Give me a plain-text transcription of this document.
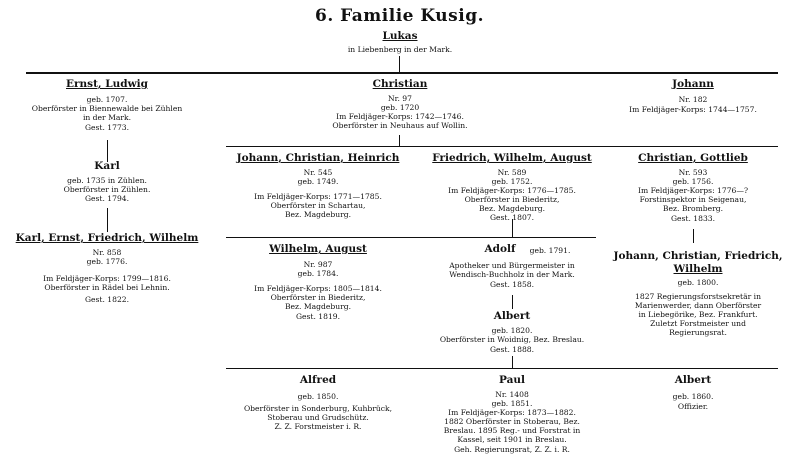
6. Familie Kusig.
Lukas
in Liebenberg in der Mark.
Ernst, Ludwig
geb. 1707.
Oberförster in Biennewalde bei Zühlen
in der Mark.
Gest. 1773.
Christian
Nr. 97
geb. 1720
Im Feldjäger-Korps: 1742—1746.
Oberförster in Neuhaus auf Wollin.
Johann
Nr. 182
Im Feldjäger-Korps: 1744—1757.
Karl
geb. 1735 in Zühlen.
Oberförster in Zühlen.
Gest. 1794.
Karl, Ernst, Friedrich, Wilhelm
Nr. 858
geb. 1776.
Im Feldjäger-Korps: 1799—1816.
Oberförster in Rädel bei Lehnin.
Gest. 1822.
Johann, Christian, Heinrich
Nr. 545
geb. 1749.
Im Feldjäger-Korps: 1771—1785.
Oberförster in Schartau,
Bez. Magdeburg.
Friedrich, Wilhelm, August
Nr. 589
geb. 1752.
Im Feldjäger-Korps: 1776—1785.
Oberförster in Biederitz,
Bez. Magdeburg.
Gest. 1807.
Christian, Gottlieb
Nr. 593
geb. 1756.
Im Feldjäger-Korps: 1776—?
Forstinspektor in Seigenau,
Bez. Bromberg.
Gest. 1833.
Wilhelm, August
Nr. 987
geb. 1784.
Im Feldjäger-Korps: 1805—1814.
Oberförster in Biederitz,
Bez. Magdeburg.
Gest. 1819.
Adolf	geb. 1791.
Apotheker und Bürgermeister in
Wendisch-Buchholz in der Mark.
Gest. 1858.
Albert
geb. 1820.
Oberförster in Woidnig, Bez. Breslau.
Gest. 1888.
Johann, Christian, Friedrich,
Wilhelm
geb. 1800.
1827 Regierungsforstsekretär in
Marienwerder, dann Oberförster
in Liebegörike, Bez. Frankfurt.
Zuletzt Forstmeister und
Regierungsrat.
Alfred
geb. 1850.
Oberförster in Sonderburg, Kuhbrück,
Stoberau und Grudschütz.
Z. Z. Forstmeister i. R.
Paul
Nr. 1408
geb. 1851.
Im Feldjäger-Korps: 1873—1882.
1882 Oberförster in Stoberau, Bez.
Breslau. 1895 Reg.- und Forstrat in
Kassel, seit 1901 in Breslau.
Geh. Regierungsrat, Z. Z. i. R.
Albert
geb. 1860.
Offizier.
